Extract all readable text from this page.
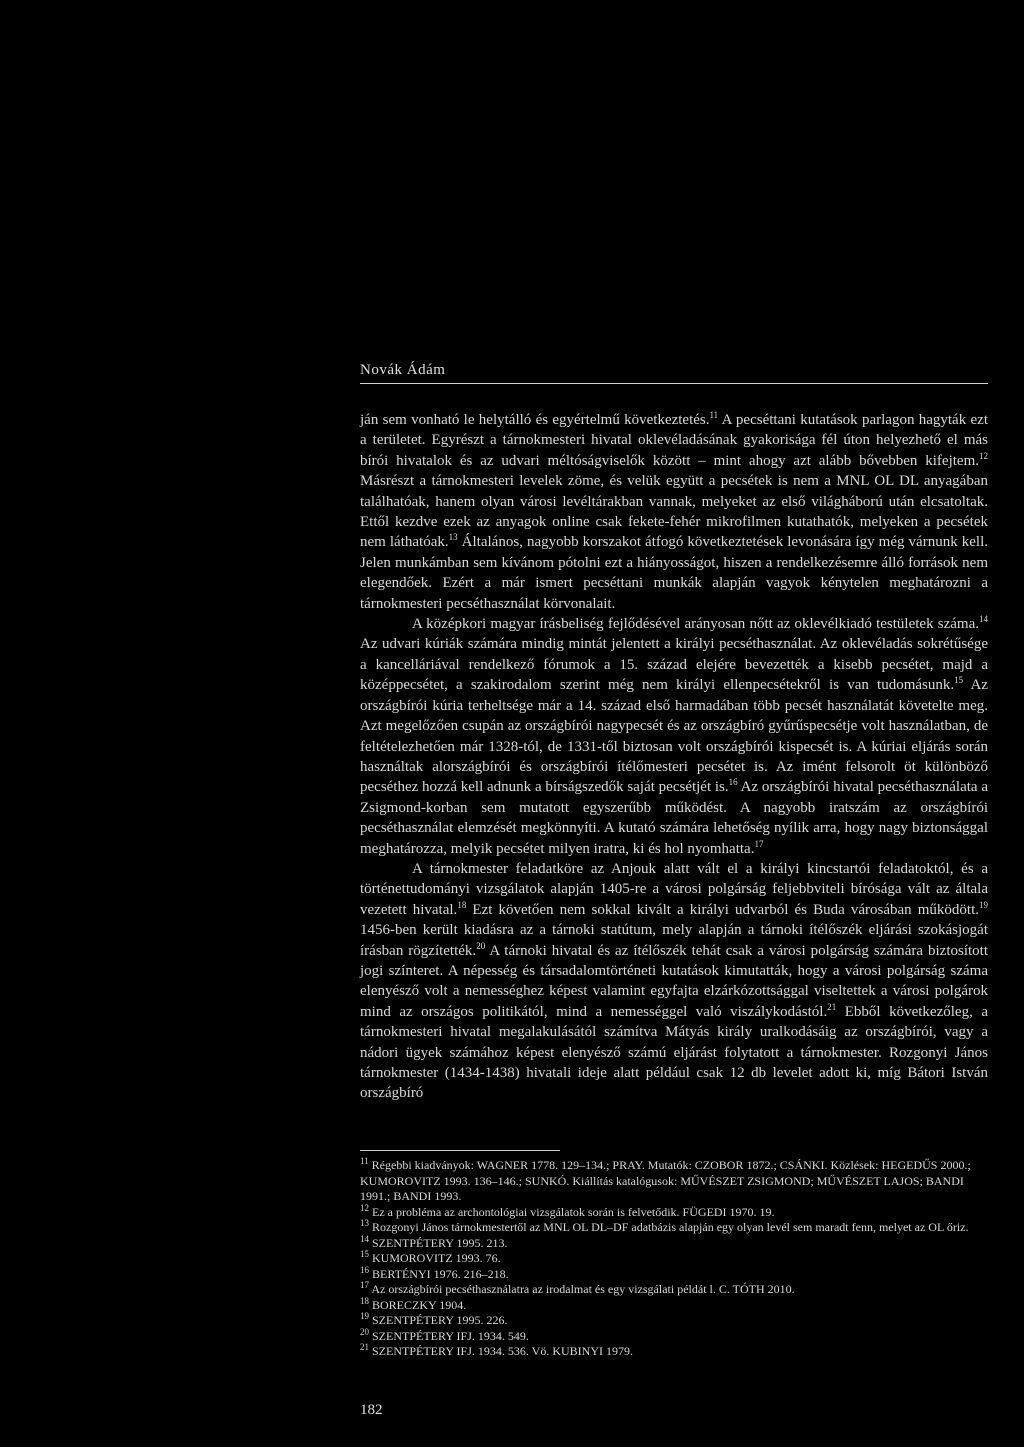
Novák Ádám

ján sem vonható le helytálló és egyértelmű következtetés.$^{11}$ A pecséttani kutatások parlagon hagyták ezt a területet. Egyrészt a tárnokmesteri hivatal oklevéladásának gyakorisága fél úton helyezhető el más bírói hivatalok és az udvari méltóságviselők között – mint ahogy azt alább bővebben kifejtem.$^{12}$ Másrészt a tárnokmesteri levelek zöme, és velük együtt a pecsétek is nem a MNL OL DL anyagában találhatóak, hanem olyan városi levéltárakban vannak, melyeket az első világháború után elcsatoltak. Ettől kezdve ezek az anyagok online csak fekete-fehér mikrofilmen kutathatók, melyeken a pecsétek nem láthatóak.$^{13}$ Általános, nagyobb korszakot átfogó következtetések levonására így még várnunk kell. Jelen munkámban sem kívánom pótolni ezt a hiányosságot, hiszen a rendelkezésemre álló források nem elegendőek. Ezért a már ismert pecséttani munkák alapján vagyok kénytelen meghatározni a tárnokmesteri pecséthasználat körvonalait.

A középkori magyar írásbeliség fejlődésével arányosan nőtt az oklevélkiadó testületek száma.$^{14}$ Az udvari kúriák számára mindig mintát jelentett a királyi pecséthasználat. Az oklevéladás sokrétűsége a kancelláriával rendelkező fórumok a 15. század elejére bevezették a kisebb pecsétet, majd a középpecsétet, a szakirodalom szerint még nem királyi ellenpecsétekről is van tudomásunk.$^{15}$ Az országbírói kúria terheltsége már a 14. század első harmadában több pecsét használatát követelte meg. Azt megelőzően csupán az országbírói nagypecsét és az országbíró gyűrűspecsétje volt használatban, de feltételezhetően már 1328-tól, de 1331-től biztosan volt országbírói kispecsét is. A kúriai eljárás során használtak alországbírói és országbírói ítélőmesteri pecsétet is. Az imént felsorolt öt különböző pecséthez hozzá kell adnunk a bírságszedők saját pecsétjét is.$^{16}$ Az országbírói hivatal pecséthasználata a Zsigmond-korban sem mutatott egyszerűbb működést. A nagyobb iratszám az országbírói pecséthasználat elemzését megkönnyíti. A kutató számára lehetőség nyílik arra, hogy nagy biztonsággal meghatározza, melyik pecsétet milyen iratra, ki és hol nyomhatta.$^{17}$

A tárnokmester feladatköre az Anjouk alatt vált el a királyi kincstartói feladatoktól, és a történettudományi vizsgálatok alapján 1405-re a városi polgárság feljebbviteli bírósága vált az általa vezetett hivatal.$^{18}$ Ezt követően nem sokkal kivált a királyi udvarból és Buda városában működött.$^{19}$ 1456-ben került kiadásra az a tárnoki statútum, mely alapján a tárnoki ítélőszék eljárási szokásjogát írásban rögzítették.$^{20}$ A tárnoki hivatal és az ítélőszék tehát csak a városi polgárság számára biztosított jogi színteret. A népesség és társadalomtörténeti kutatások kimutatták, hogy a városi polgárság száma elenyésző volt a nemességhez képest valamint egyfajta elzárkózottsággal viseltettek a városi polgárok mind az országos politikától, mind a nemességgel való viszálykodástól.$^{21}$ Ebből következőleg, a tárnokmesteri hivatal megalakulásától számítva Mátyás király uralkodásáig az országbírói, vagy a nádori ügyek számához képest elenyésző számú eljárást folytatott a tárnokmester. Rozgonyi János tárnokmester (1434-1438) hivatali ideje alatt például csak 12 db levelet adott ki, míg Bátori István országbíró

$^{11}$ Régebbi kiadványok: WAGNER 1778. 129–134.; PRAY. Mutatók: CZOBOR 1872.; CSÁNKI. Közlések: HEGEDŰS 2000.; KUMOROVITZ 1993. 136–146.; SUNKÓ. Kiállítás katalógusok: MŰVÉSZET ZSIGMOND; MŰVÉSZET LAJOS; BANDI 1991.; BANDI 1993.

$^{12}$ Ez a probléma az archontológiai vizsgálatok során is felvetődik. FÜGEDI 1970. 19.

$^{13}$ Rozgonyi János tárnokmestertől az MNL OL DL–DF adatbázis alapján egy olyan levél sem maradt fenn, melyet az OL őriz.

$^{14}$ SZENTPÉTERY 1995. 213.

$^{15}$ KUMOROVITZ 1993. 76.

$^{16}$ BERTÉNYI 1976. 216–218.

$^{17}$ Az országbírói pecséthasználatra az irodalmat és egy vizsgálati példát l. C. TÓTH 2010.

$^{18}$ BORECZKY 1904.

$^{19}$ SZENTPÉTERY 1995. 226.

$^{20}$ SZENTPÉTERY IFJ. 1934. 549.

$^{21}$ SZENTPÉTERY IFJ. 1934. 536. Vö. KUBINYI 1979.

182
